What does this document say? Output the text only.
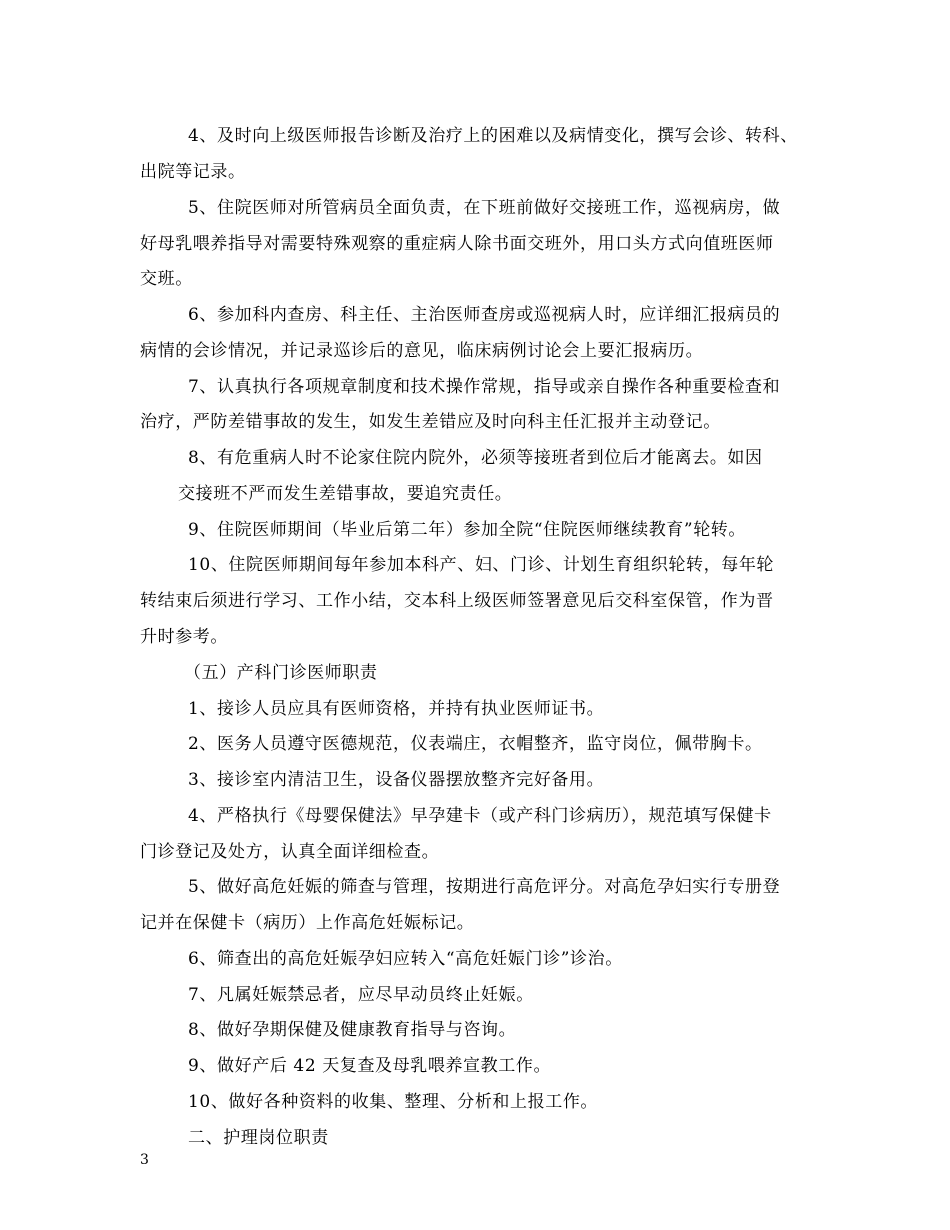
4、及时向上级医师报告诊断及治疗上的困难以及病情变化，撰写会诊、转科、
出院等记录。
5、住院医师对所管病员全面负责，在下班前做好交接班工作，巡视病房，做
好母乳喂养指导对需要特殊观察的重症病人除书面交班外，用口头方式向值班医师
交班。
6、参加科内查房、科主任、主治医师查房或巡视病人时，应详细汇报病员的
病情的会诊情况，并记录巡诊后的意见，临床病例讨论会上要汇报病历。
7、认真执行各项规章制度和技术操作常规，指导或亲自操作各种重要检查和
治疗，严防差错事故的发生，如发生差错应及时向科主任汇报并主动登记。
8、有危重病人时不论家住院内院外，必须等接班者到位后才能离去。如因
交接班不严而发生差错事故，要追究责任。
9、住院医师期间（毕业后第二年）参加全院“住院医师继续教育”轮转。
10、住院医师期间每年参加本科产、妇、门诊、计划生育组织轮转，每年轮
转结束后须进行学习、工作小结，交本科上级医师签署意见后交科室保管，作为晋
升时参考。
（五）产科门诊医师职责
1、接诊人员应具有医师资格，并持有执业医师证书。
2、医务人员遵守医德规范，仪表端庄，衣帽整齐，监守岗位，佩带胸卡。
3、接诊室内清洁卫生，设备仪器摆放整齐完好备用。
4、严格执行《母婴保健法》早孕建卡（或产科门诊病历），规范填写保健卡
门诊登记及处方，认真全面详细检查。
5、做好高危妊娠的筛查与管理，按期进行高危评分。对高危孕妇实行专册登
记并在保健卡（病历）上作高危妊娠标记。
6、筛查出的高危妊娠孕妇应转入“高危妊娠门诊”诊治。
7、凡属妊娠禁忌者，应尽早动员终止妊娠。
8、做好孕期保健及健康教育指导与咨询。
9、做好产后 42 天复查及母乳喂养宣教工作。
10、做好各种资料的收集、整理、分析和上报工作。
二、护理岗位职责
3
